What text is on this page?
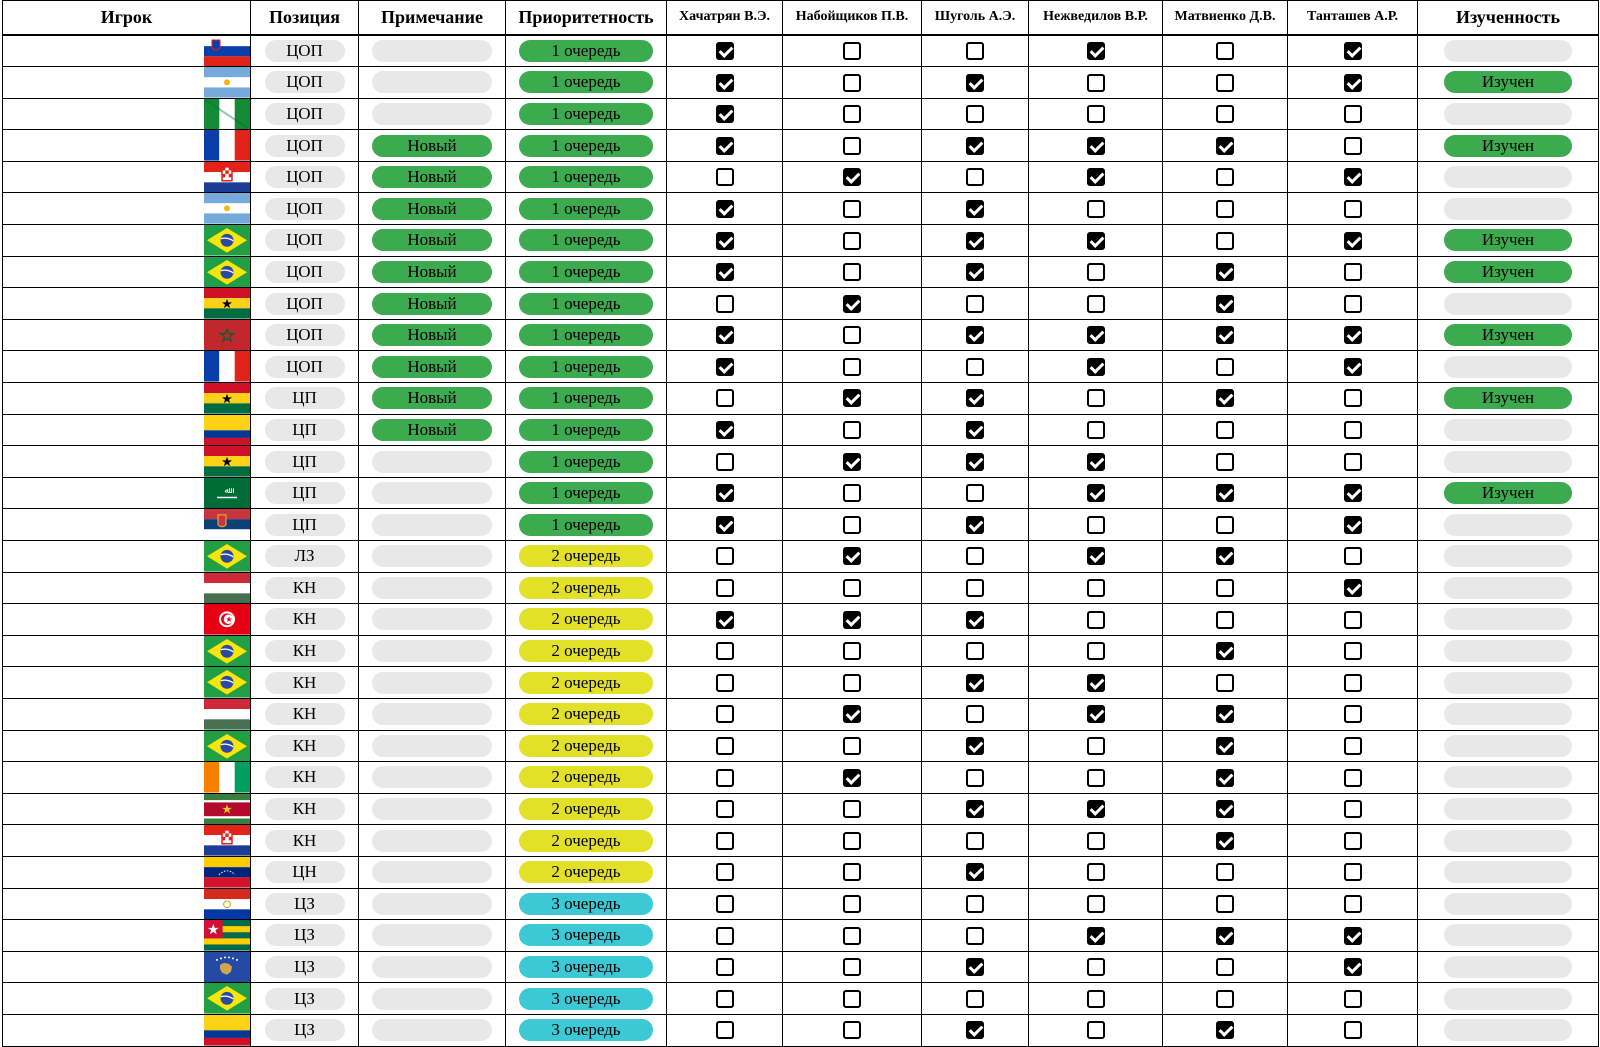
Игрок	Позиция	Примечание	Приоритетность	Хачатрян В.Э.	Набойщиков П.В.	Шуголь А.Э.	Нежведилов В.Р.	Матвиенко Д.В.	Танташев А.Р.	Изученность

	ЦОП		1 очередь							

	ЦОП		1 очередь							Изучен

	ЦОП		1 очередь							

	ЦОП	Новый	1 очередь							Изучен

	ЦОП	Новый	1 очередь							

	ЦОП	Новый	1 очередь							

	ЦОП	Новый	1 очередь							Изучен

	ЦОП	Новый	1 очередь							Изучен

	ЦОП	Новый	1 очередь							

	ЦОП	Новый	1 очередь							Изучен

	ЦОП	Новый	1 очередь							

	ЦП	Новый	1 очередь							Изучен

	ЦП	Новый	1 очередь							

	ЦП		1 очередь							

ﷲ	ЦП		1 очередь							Изучен

	ЦП		1 очередь							

	ЛЗ		2 очередь							

	КН		2 очередь							

	КН		2 очередь							

	КН		2 очередь							

	КН		2 очередь							

	КН		2 очередь							

	КН		2 очередь							

	КН		2 очередь							

	КН		2 очередь							

	КН		2 очередь							

	ЦН		2 очередь							

	ЦЗ		3 очередь							

	ЦЗ		3 очередь							

	ЦЗ		3 очередь							

	ЦЗ		3 очередь							

	ЦЗ		3 очередь							
